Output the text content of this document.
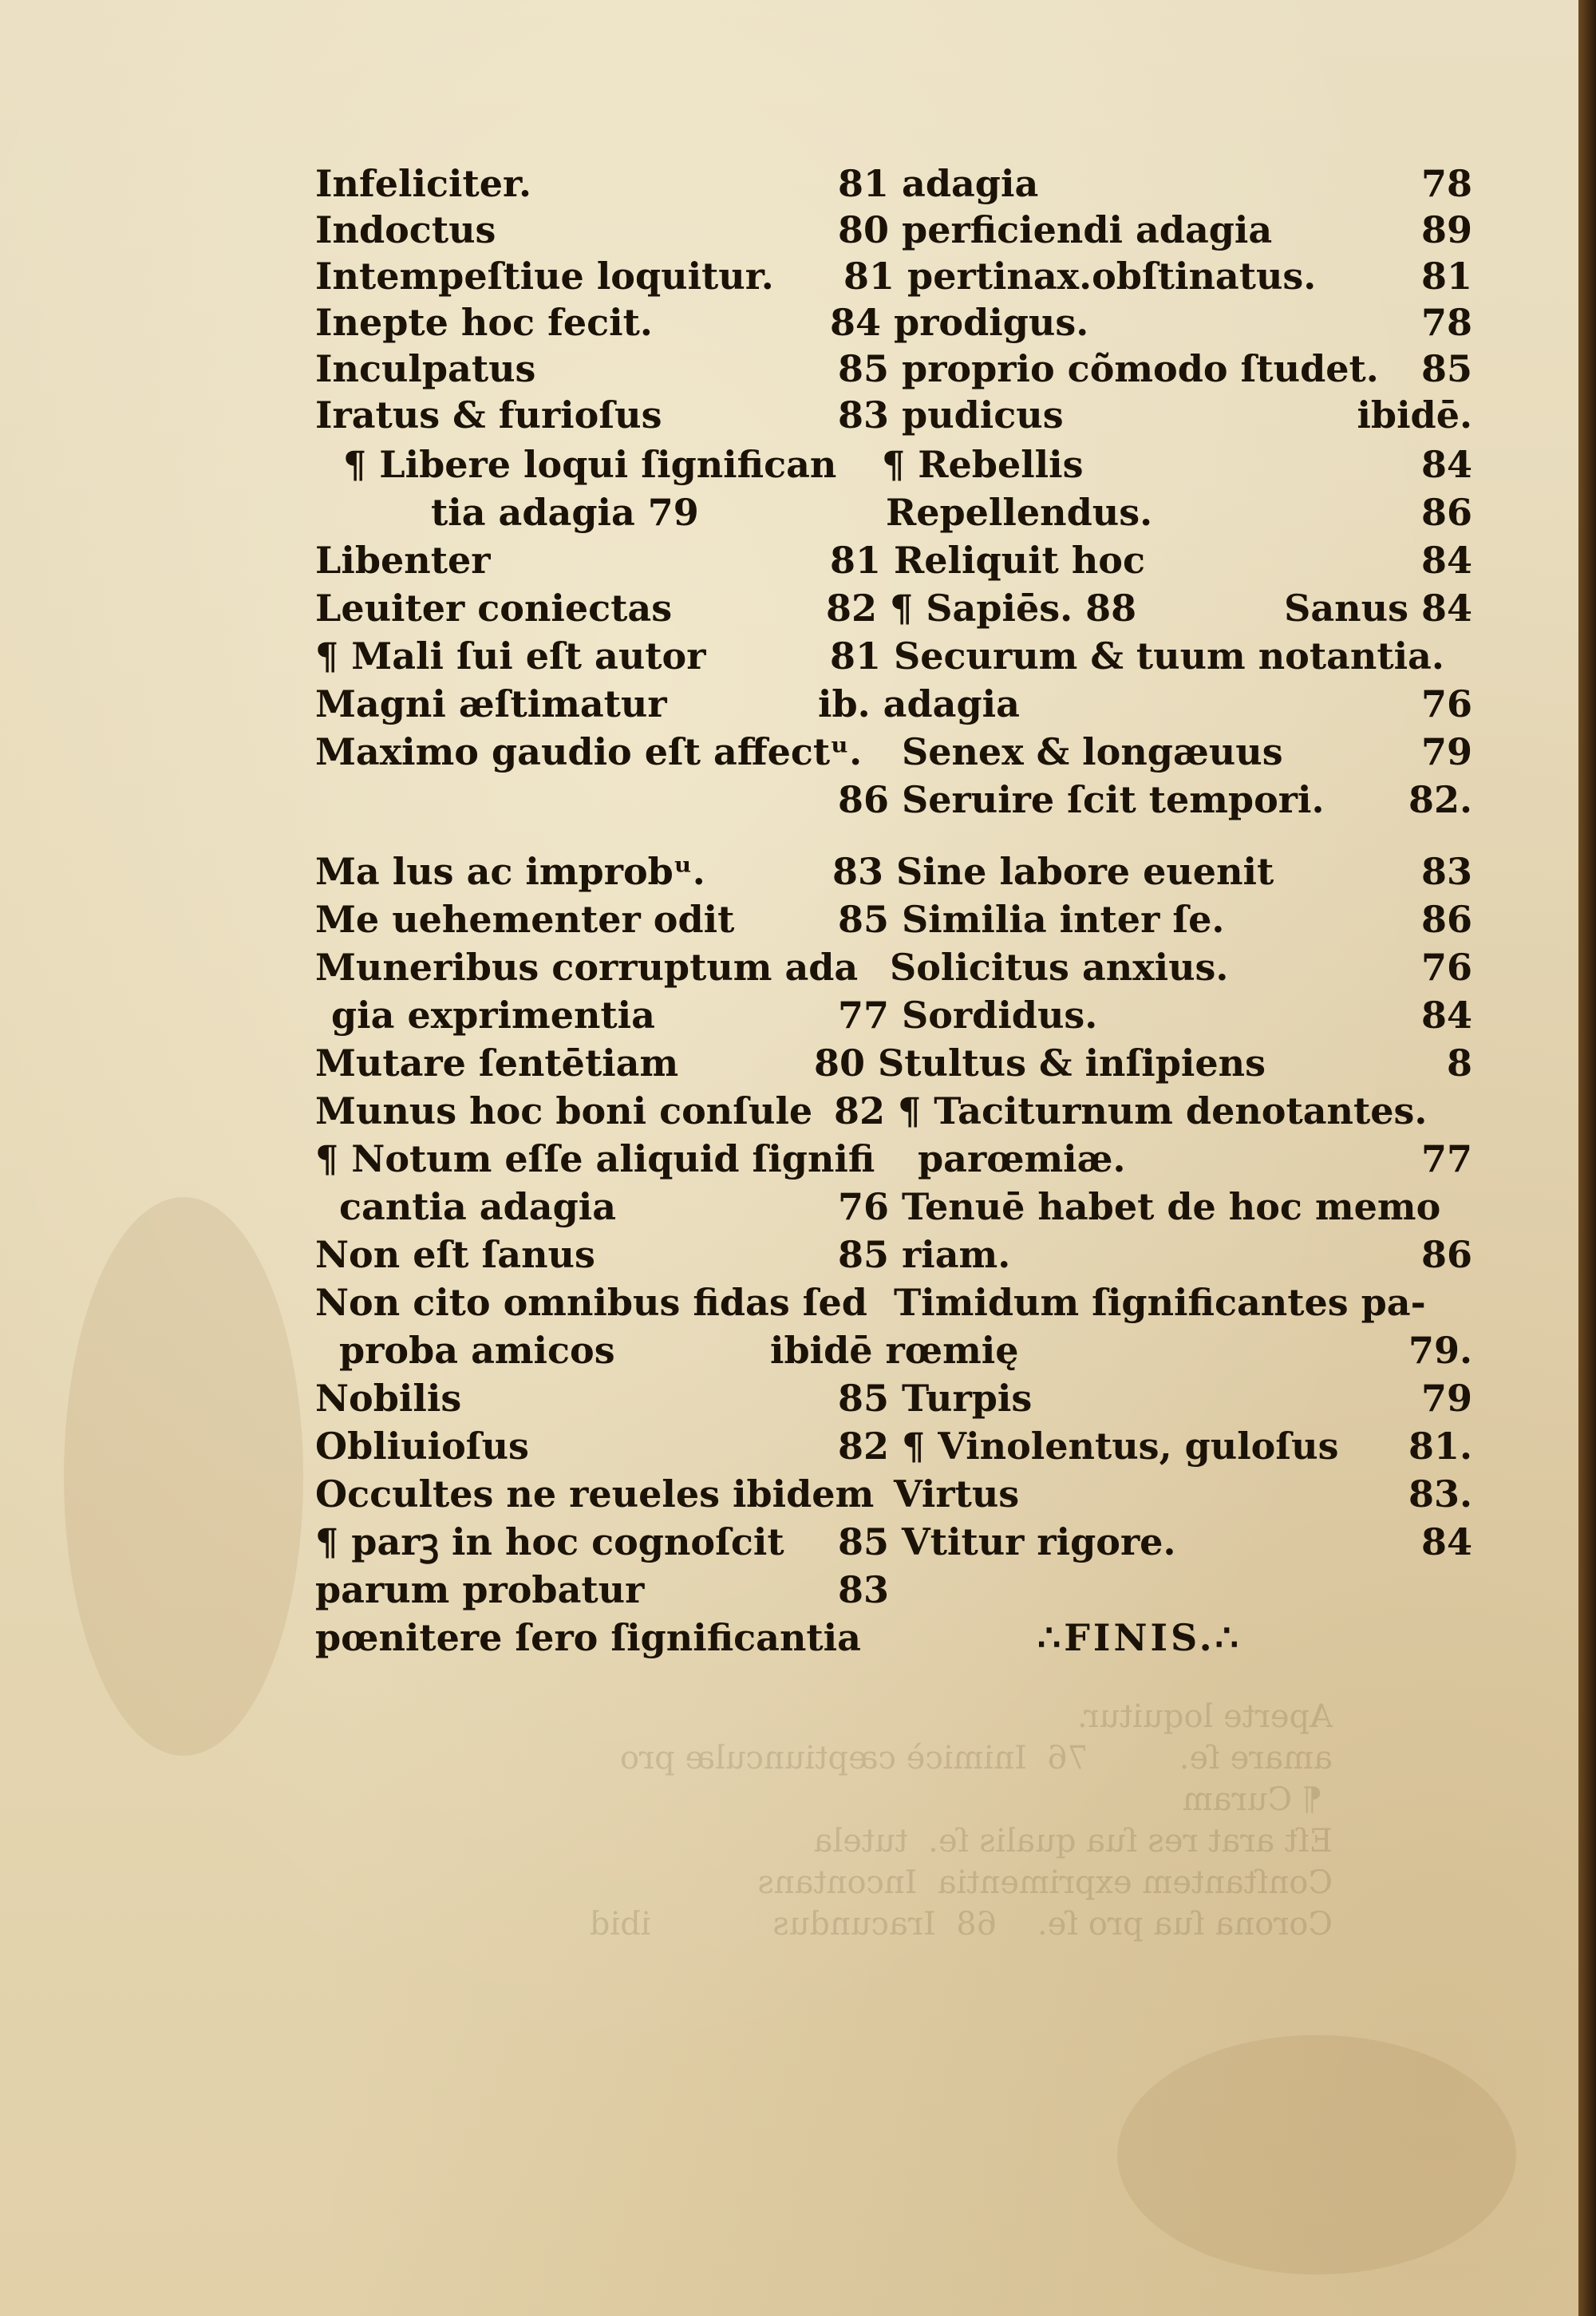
Aperte loquitur.
amare ſe.         76  Inimicè cæptiunculæ pro
¶ Curam
Eſt arat res ſua qualis ſe.  tutela
Conſtantem exprimentia  Incontans
Corona ſua pro ſe.    68  Iracundus            ibid
Infeliciter.	81 adagia	78
Indoctus	80 perficiendi adagia	89
Intempeſtiue loquitur. 81 pertinax.obſtinatus.	81
Inepte hoc fecit.	84 prodigus.	78
Inculpatus	85 proprio cõmodo ſtudet. 85
Iratus & furioſus	83 pudicus	ibidē.
¶ Libere loqui ſignifican ¶ Rebellis	84
tia adagia 79	Repellendus.	86
Libenter	81 Reliquit hoc	84
Leuiter coniectas	82 ¶ Sapiēs. 88	Sanus 84
¶ Mali ſui eſt autor	81 Securum & tuum notantia.
Magni æſtimatur	ib. adagia	76
Maximo gaudio eſt affectᵘ. Senex & longæuus	79
86 Seruire ſcit tempori. 82.
Ma lus ac improbᵘ.	83 Sine labore euenit	83
Me uehementer odit	85 Similia inter ſe.	86
Muneribus corruptum ada Solicitus anxius.	76
gia exprimentia	77 Sordidus.	84
Mutare ſentētiam	80 Stultus & inſipiens	8
Munus hoc boni conſule 82 ¶ Taciturnum denotantes.
¶ Notum eſſe aliquid ſignifi parœmiæ.	77
cantia adagia	76 Tenuē habet de hoc memo
Non eſt ſanus	85 riam.	86
Non cito omnibus fidas ſed Timidum ſignificantes pa-
proba amicos	ibidē rœmię	79.
Nobilis	85 Turpis	79
Obliuioſus	82 ¶ Vinolentus, guloſus 81.
Occultes ne reueles ibidem Virtus	83.
¶ parꝫ in hoc cognoſcit 85 Vtitur rigore.	84
parum probatur	83
pœnitere ſero ſignificantia	∴FINIS.∴
